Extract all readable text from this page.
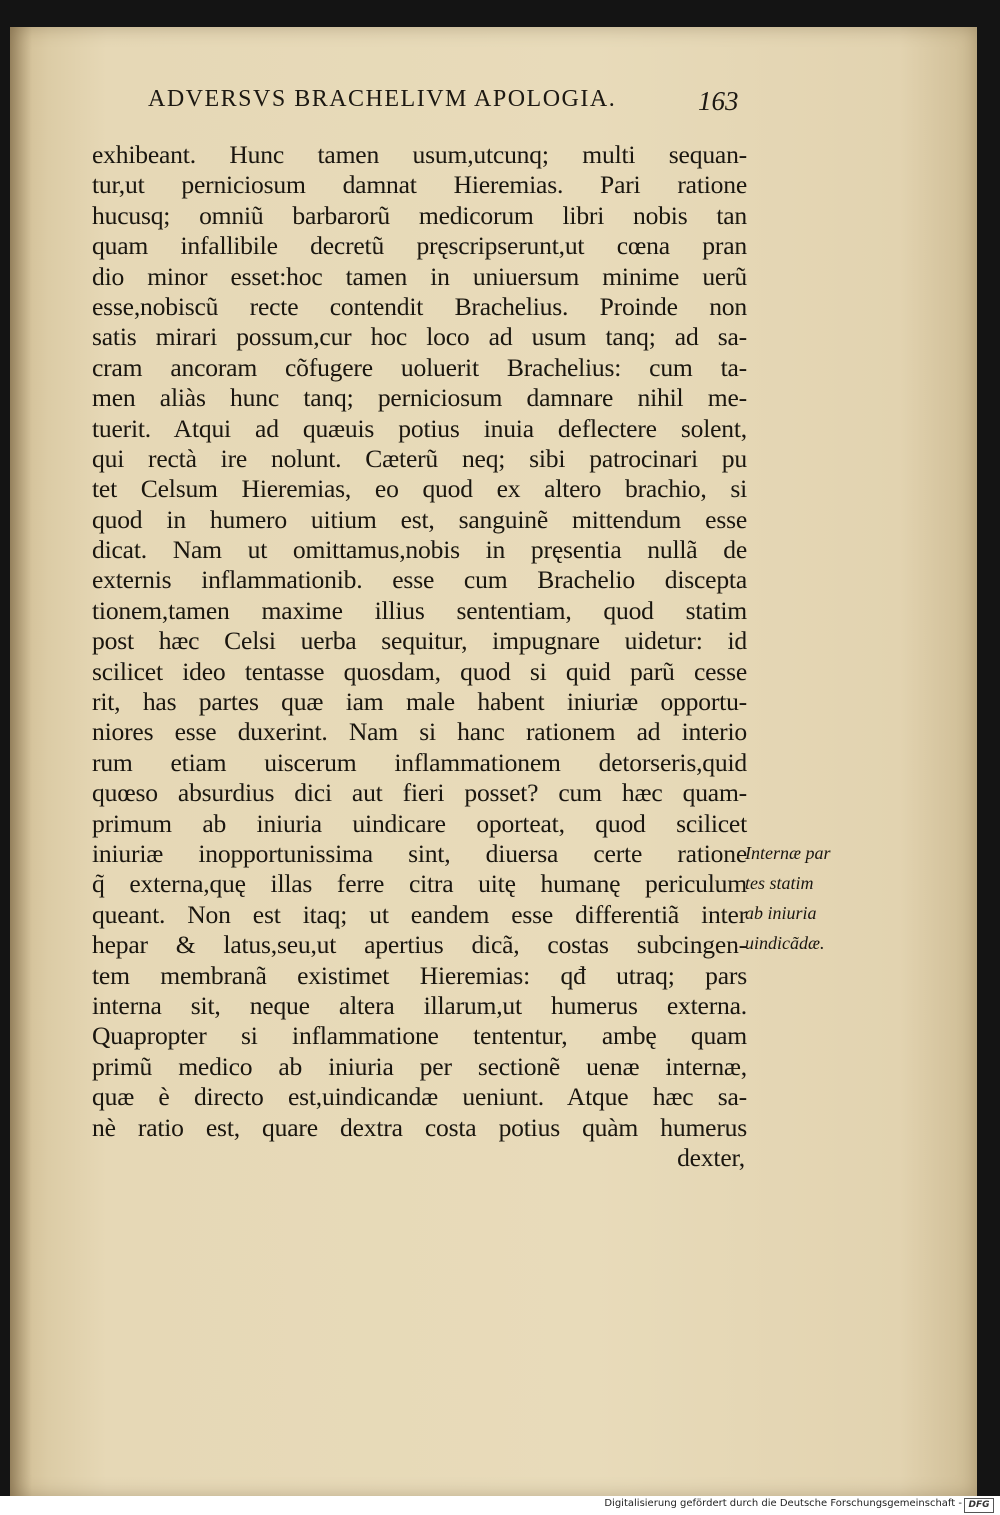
ADVERSVS BRACHELIVM APOLOGIA.	163
exhibeant. Hunc tamen usum,utcunq; multi sequan-
tur,ut perniciosum damnat Hieremias. Pari ratione
hucusq; omniũ barbarorũ medicorum libri nobis tan
quam infallibile decretũ pręscripserunt,ut cœna pran
dio minor esset:hoc tamen in uniuersum minime uerũ
esse,nobiscũ recte contendit Brachelius. Proinde non
satis mirari possum,cur hoc loco ad usum tanq; ad sa-
cram ancoram cõfugere uoluerit Brachelius: cum ta-
men aliàs hunc tanq; perniciosum damnare nihil me-
tuerit. Atqui ad quæuis potius inuia deflectere solent,
qui rectà ire nolunt. Cæterũ neq; sibi patrocinari pu
tet Celsum Hieremias, eo quod ex altero brachio, si
quod in humero uitium est, sanguinẽ mittendum esse
dicat. Nam ut omittamus,nobis in pręsentia nullã de
externis inflammationib. esse cum Brachelio discepta
tionem,tamen maxime illius sententiam, quod statim
post hæc Celsi uerba sequitur, impugnare uidetur: id
scilicet ideo tentasse quosdam, quod si quid parũ cesse
rit, has partes quæ iam male habent iniuriæ opportu-
niores esse duxerint. Nam si hanc rationem ad interio
rum etiam uiscerum inflammationem detorseris,quid
quœso absurdius dici aut fieri posset? cum hæc quam-
primum ab iniuria uindicare oporteat, quod scilicet
iniuriæ inopportunissima sint, diuersa certe ratione
q̃ externa,quę illas ferre citra uitę humanę periculum
queant. Non est itaq; ut eandem esse differentiã inter
hepar & latus,seu,ut apertius dicã, costas subcingen-
tem membranã existimet Hieremias: qđ utraq; pars
interna sit, neque altera illarum,ut humerus externa.
Quapropter si inflammatione tententur, ambę quam
primũ medico ab iniuria per sectionẽ uenæ internæ,
quæ è directo est,uindicandæ ueniunt. Atque hæc sa-
nè ratio est, quare dextra costa potius quàm humerus
dexter,
Internæ par
tes statim
ab iniuria
uindicãdæ.
Digitalisierung gefördert durch die Deutsche Forschungsgemeinschaft - DFG
